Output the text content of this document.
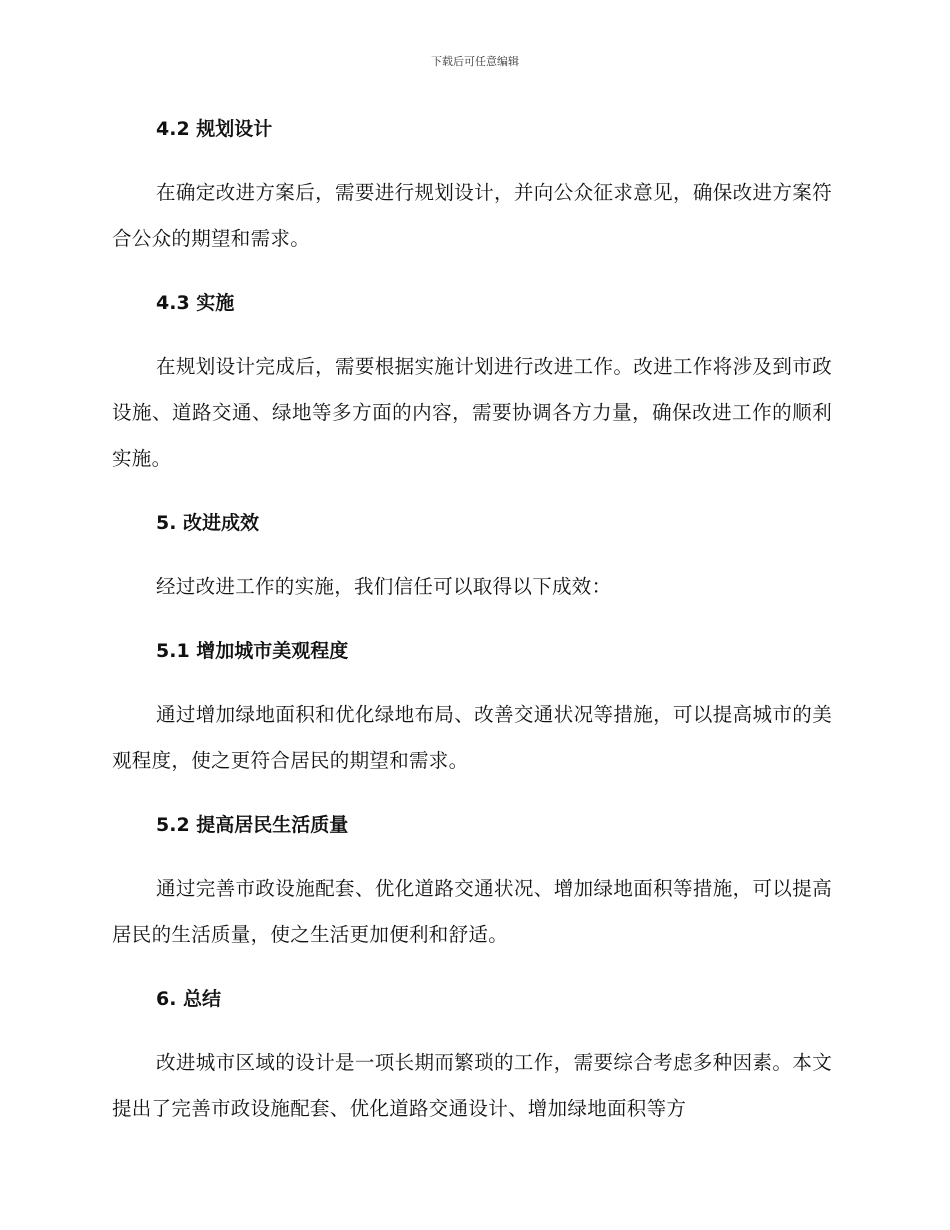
下载后可任意编辑
4.2 规划设计

在确定改进方案后，需要进行规划设计，并向公众征求意见，确保改进方案符合公众的期望和需求。

4.3 实施

在规划设计完成后，需要根据实施计划进行改进工作。改进工作将涉及到市政设施、道路交通、绿地等多方面的内容，需要协调各方力量，确保改进工作的顺利实施。

5. 改进成效

经过改进工作的实施，我们信任可以取得以下成效：

5.1 增加城市美观程度

通过增加绿地面积和优化绿地布局、改善交通状况等措施，可以提高城市的美观程度，使之更符合居民的期望和需求。

5.2 提高居民生活质量

通过完善市政设施配套、优化道路交通状况、增加绿地面积等措施，可以提高居民的生活质量，使之生活更加便利和舒适。

6. 总结

改进城市区域的设计是一项长期而繁琐的工作，需要综合考虑多种因素。本文提出了完善市政设施配套、优化道路交通设计、增加绿地面积等方
